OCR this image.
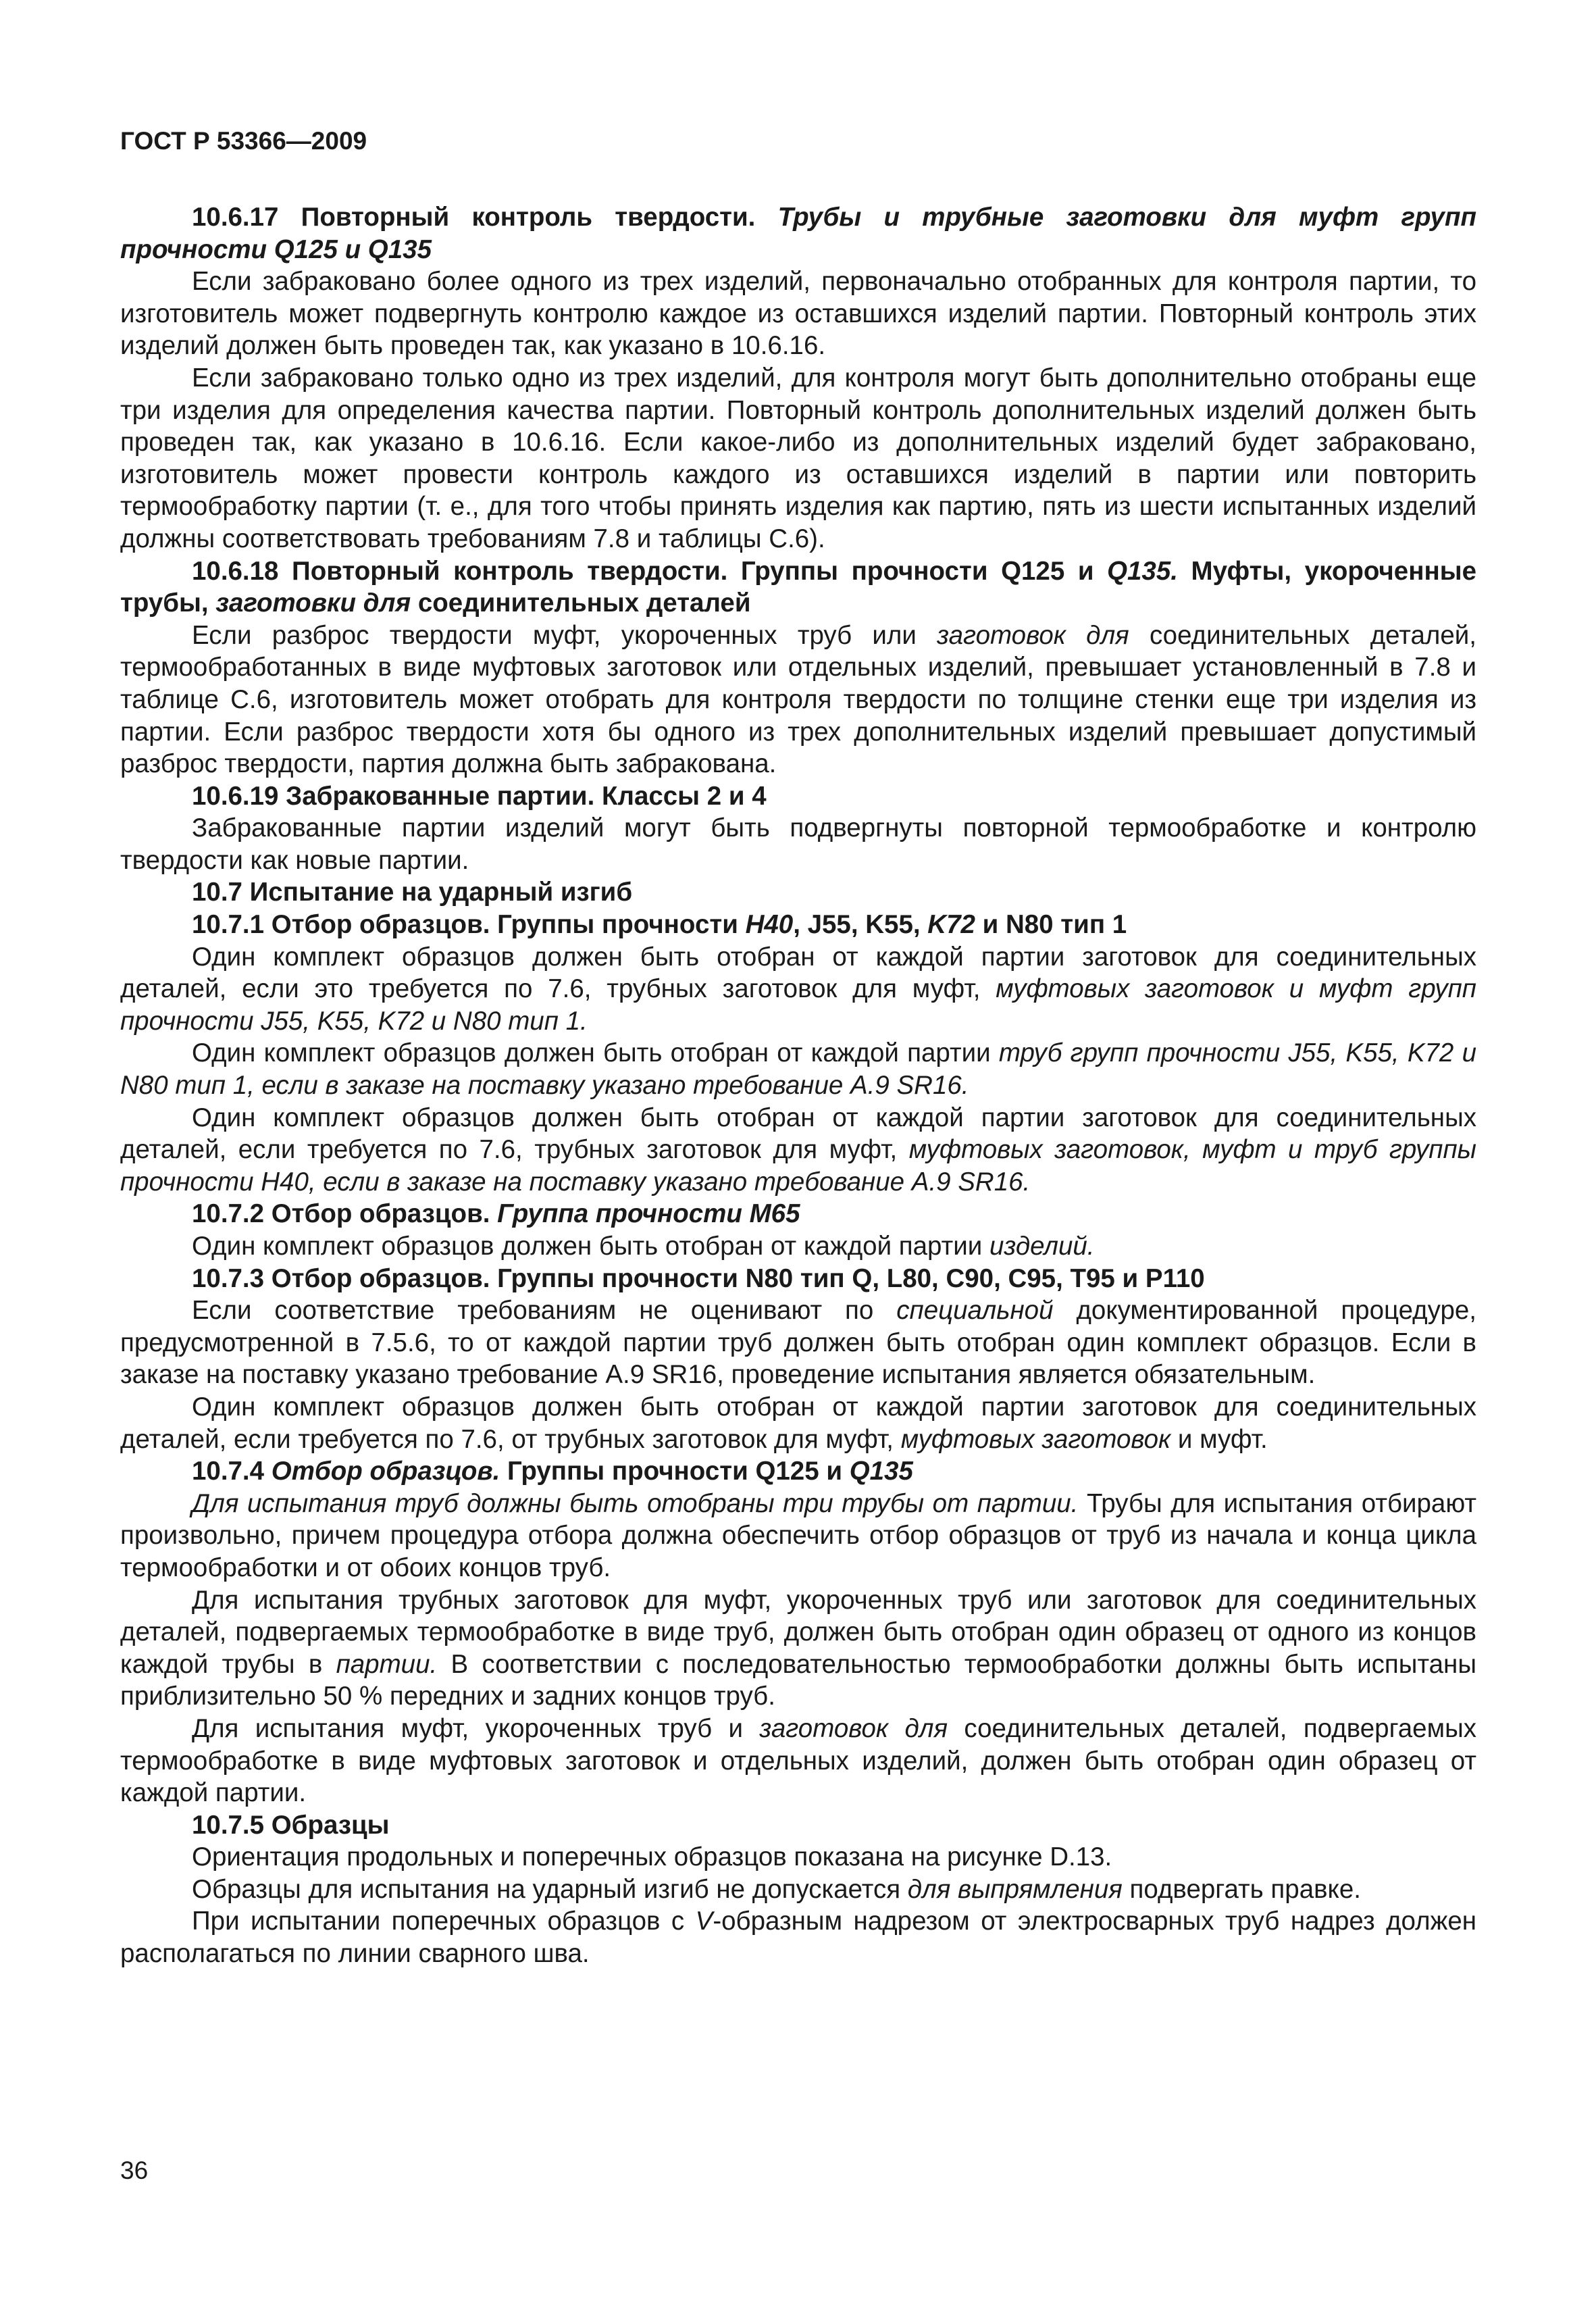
ГОСТ Р 53366—2009

10.6.17 Повторный контроль твердости. Трубы и трубные заготовки для муфт групп прочности Q125 и Q135

Если забраковано более одного из трех изделий, первоначально отобранных для контроля партии, то изготовитель может подвергнуть контролю каждое из оставшихся изделий партии. Повторный контроль этих изделий должен быть проведен так, как указано в 10.6.16.

Если забраковано только одно из трех изделий, для контроля могут быть дополнительно отобраны еще три изделия для определения качества партии. Повторный контроль дополнительных изделий должен быть проведен так, как указано в 10.6.16. Если какое-либо из дополнительных изделий будет забраковано, изготовитель может провести контроль каждого из оставшихся изделий в партии или повторить термообработку партии (т. е., для того чтобы принять изделия как партию, пять из шести испытанных изделий должны соответствовать требованиям 7.8 и таблицы С.6).

10.6.18 Повторный контроль твердости. Группы прочности Q125 и Q135. Муфты, укороченные трубы, заготовки для соединительных деталей

Если разброс твердости муфт, укороченных труб или заготовок для соединительных деталей, термообработанных в виде муфтовых заготовок или отдельных изделий, превышает установленный в 7.8 и таблице С.6, изготовитель может отобрать для контроля твердости по толщине стенки еще три изделия из партии. Если разброс твердости хотя бы одного из трех дополнительных изделий превышает допустимый разброс твердости, партия должна быть забракована.

10.6.19 Забракованные партии. Классы 2 и 4

Забракованные партии изделий могут быть подвергнуты повторной термообработке и контролю твердости как новые партии.

10.7 Испытание на ударный изгиб

10.7.1 Отбор образцов. Группы прочности H40, J55, K55, K72 и N80 тип 1

Один комплект образцов должен быть отобран от каждой партии заготовок для соединительных деталей, если это требуется по 7.6, трубных заготовок для муфт, муфтовых заготовок и муфт групп прочности J55, K55, K72 и N80 тип 1.

Один комплект образцов должен быть отобран от каждой партии труб групп прочности J55, K55, K72 и N80 тип 1, если в заказе на поставку указано требование А.9 SR16.

Один комплект образцов должен быть отобран от каждой партии заготовок для соединительных деталей, если требуется по 7.6, трубных заготовок для муфт, муфтовых заготовок, муфт и труб группы прочности H40, если в заказе на поставку указано требование А.9 SR16.

10.7.2 Отбор образцов. Группа прочности М65

Один комплект образцов должен быть отобран от каждой партии изделий.

10.7.3 Отбор образцов. Группы прочности N80 тип Q, L80, C90, C95, T95 и P110

Если соответствие требованиям не оценивают по специальной документированной процедуре, предусмотренной в 7.5.6, то от каждой партии труб должен быть отобран один комплект образцов. Если в заказе на поставку указано требование А.9 SR16, проведение испытания является обязательным.

Один комплект образцов должен быть отобран от каждой партии заготовок для соединительных деталей, если требуется по 7.6, от трубных заготовок для муфт, муфтовых заготовок и муфт.

10.7.4 Отбор образцов. Группы прочности Q125 и Q135

Для испытания труб должны быть отобраны три трубы от партии. Трубы для испытания отбирают произвольно, причем процедура отбора должна обеспечить отбор образцов от труб из начала и конца цикла термообработки и от обоих концов труб.

Для испытания трубных заготовок для муфт, укороченных труб или заготовок для соединительных деталей, подвергаемых термообработке в виде труб, должен быть отобран один образец от одного из концов каждой трубы в партии. В соответствии с последовательностью термообработки должны быть испытаны приблизительно 50 % передних и задних концов труб.

Для испытания муфт, укороченных труб и заготовок для соединительных деталей, подвергаемых термообработке в виде муфтовых заготовок и отдельных изделий, должен быть отобран один образец от каждой партии.

10.7.5 Образцы

Ориентация продольных и поперечных образцов показана на рисунке D.13.

Образцы для испытания на ударный изгиб не допускается для выпрямления подвергать правке.

При испытании поперечных образцов с V-образным надрезом от электросварных труб надрез должен располагаться по линии сварного шва.

36
